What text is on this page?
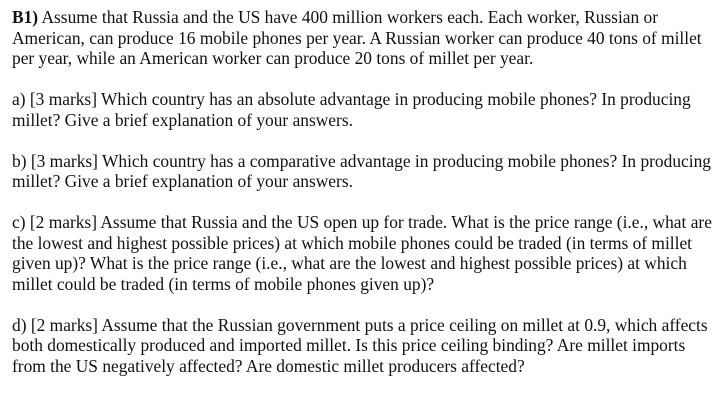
B1) Assume that Russia and the US have 400 million workers each. Each worker, Russian or American, can produce 16 mobile phones per year. A Russian worker can produce 40 tons of millet per year, while an American worker can produce 20 tons of millet per year.

a) [3 marks] Which country has an absolute advantage in producing mobile phones? In producing millet? Give a brief explanation of your answers.

b) [3 marks] Which country has a comparative advantage in producing mobile phones? In producing millet? Give a brief explanation of your answers.

c) [2 marks] Assume that Russia and the US open up for trade. What is the price range (i.e., what are the lowest and highest possible prices) at which mobile phones could be traded (in terms of millet given up)? What is the price range (i.e., what are the lowest and highest possible prices) at which millet could be traded (in terms of mobile phones given up)?

d) [2 marks] Assume that the Russian government puts a price ceiling on millet at 0.9, which affects both domestically produced and imported millet. Is this price ceiling binding? Are millet imports from the US negatively affected? Are domestic millet producers affected?
